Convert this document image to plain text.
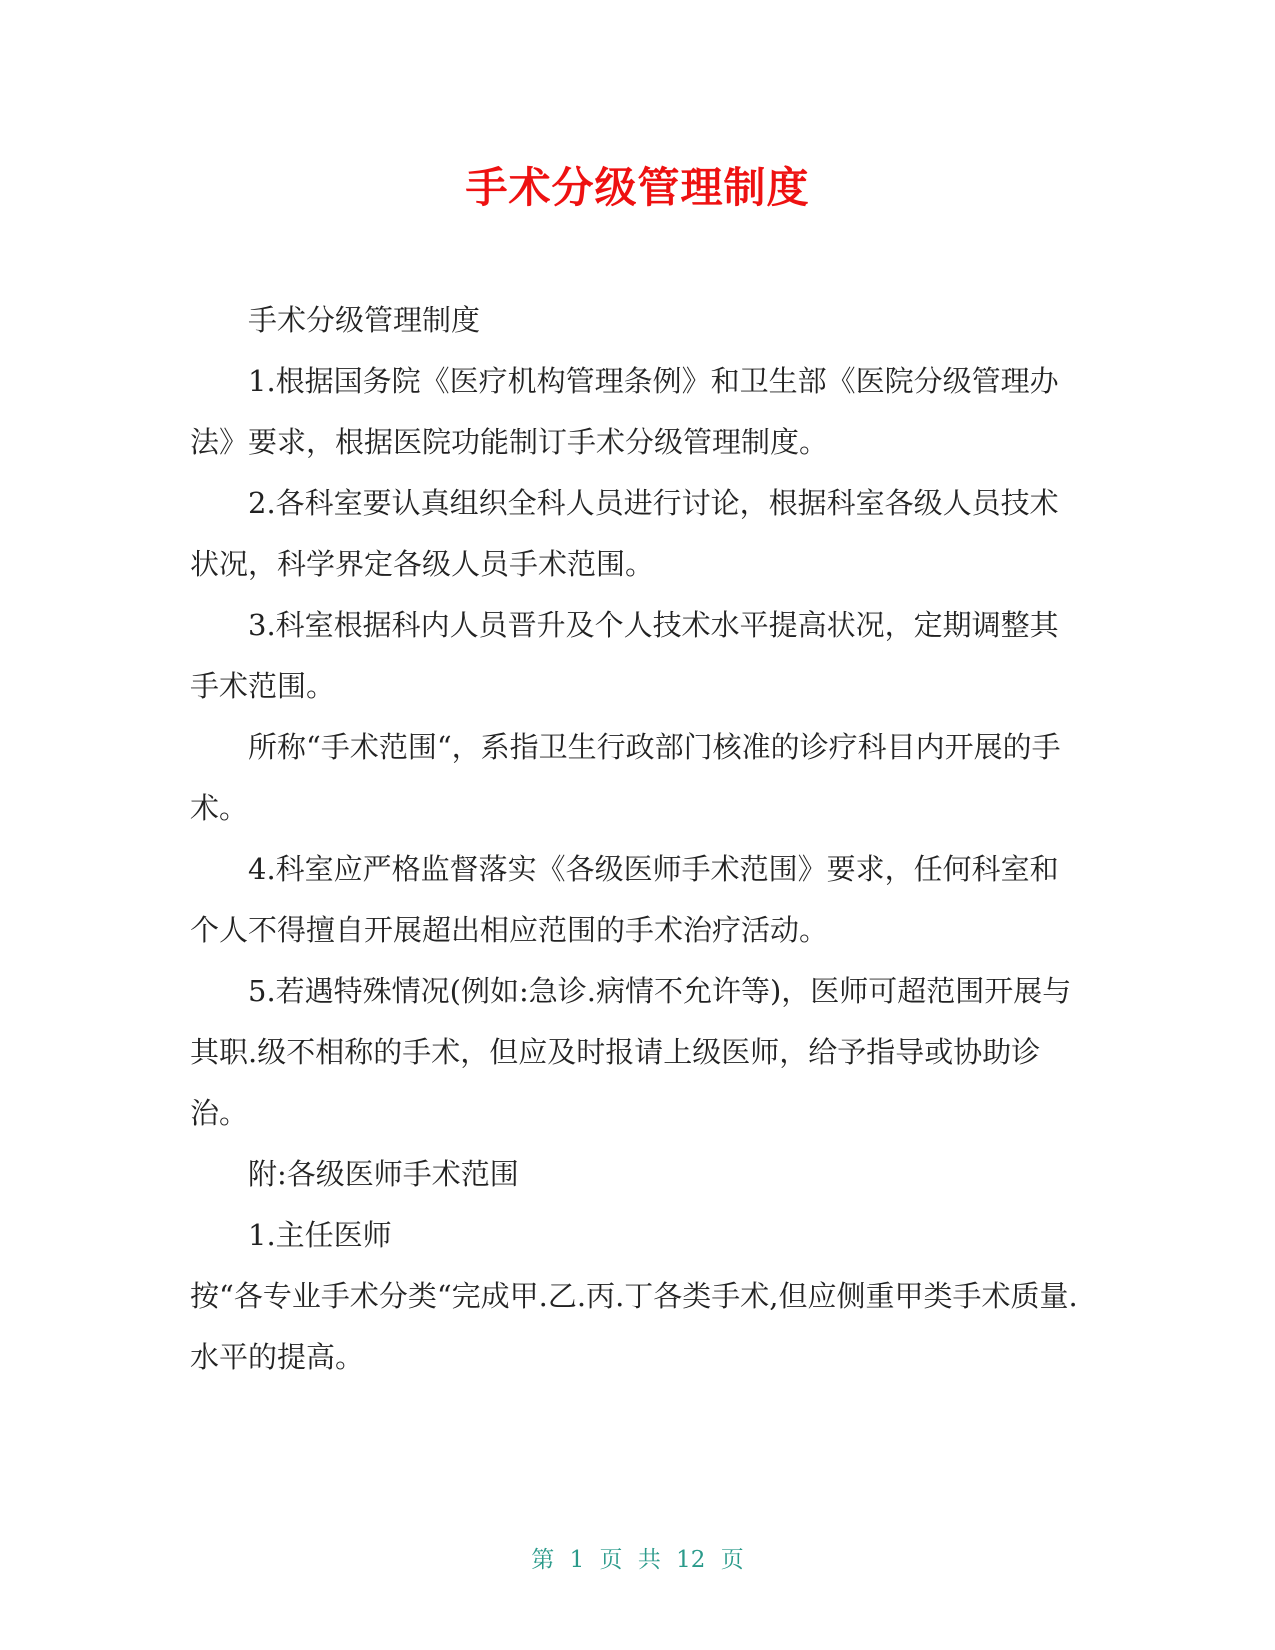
手术分级管理制度

手术分级管理制度

1.根据国务院《医疗机构管理条例》和卫生部《医院分级管理办法》要求，根据医院功能制订手术分级管理制度。

2.各科室要认真组织全科人员进行讨论，根据科室各级人员技术状况，科学界定各级人员手术范围。

3.科室根据科内人员晋升及个人技术水平提高状况，定期调整其手术范围。

所称“手术范围“，系指卫生行政部门核准的诊疗科目内开展的手术。

4.科室应严格监督落实《各级医师手术范围》要求，任何科室和个人不得擅自开展超出相应范围的手术治疗活动。

5.若遇特殊情况(例如:急诊.病情不允许等)，医师可超范围开展与其职.级不相称的手术，但应及时报请上级医师，给予指导或协助诊治。

附:各级医师手术范围

1.主任医师

按“各专业手术分类“完成甲.乙.丙.丁各类手术,但应侧重甲类手术质量.水平的提高。

第 1 页 共 12 页
